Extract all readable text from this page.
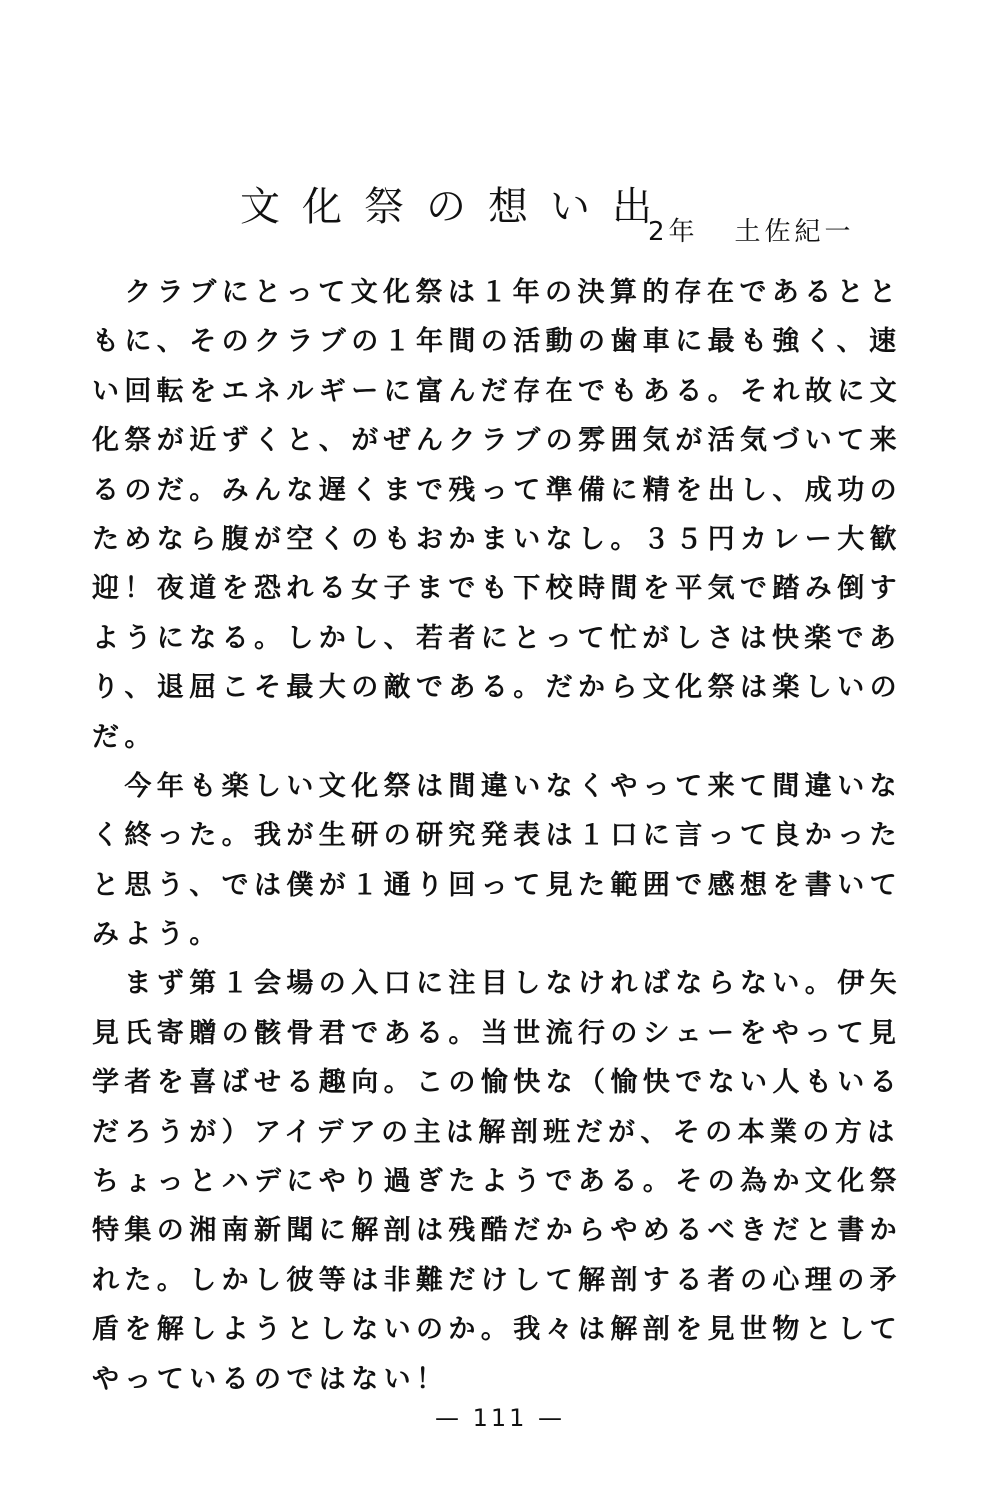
文化祭の想い出
2年 土佐紀一
　クラブにとって文化祭は１年の決算的存在であるとと
もに、そのクラブの１年間の活動の歯車に最も強く、速
い回転をエネルギーに富んだ存在でもある。それ故に文
化祭が近ずくと、がぜんクラブの雰囲気が活気づいて来
るのだ。みんな遅くまで残って準備に精を出し、成功の
ためなら腹が空くのもおかまいなし。３５円カレー大歓
迎！夜道を恐れる女子までも下校時間を平気で踏み倒す
ようになる。しかし、若者にとって忙がしさは快楽であ
り、退屈こそ最大の敵である。だから文化祭は楽しいの
だ。
　今年も楽しい文化祭は間違いなくやって来て間違いな
く終った。我が生研の研究発表は１口に言って良かった
と思う、では僕が１通り回って見た範囲で感想を書いて
みよう。
　まず第１会場の入口に注目しなければならない。伊矢
見氏寄贈の骸骨君である。当世流行のシェーをやって見
学者を喜ばせる趣向。この愉快な（愉快でない人もいる
だろうが）アイデアの主は解剖班だが、その本業の方は
ちょっとハデにやり過ぎたようである。その為か文化祭
特集の湘南新聞に解剖は残酷だからやめるべきだと書か
れた。しかし彼等は非難だけして解剖する者の心理の矛
盾を解しようとしないのか。我々は解剖を見世物として
やっているのではない！
— 111 —
